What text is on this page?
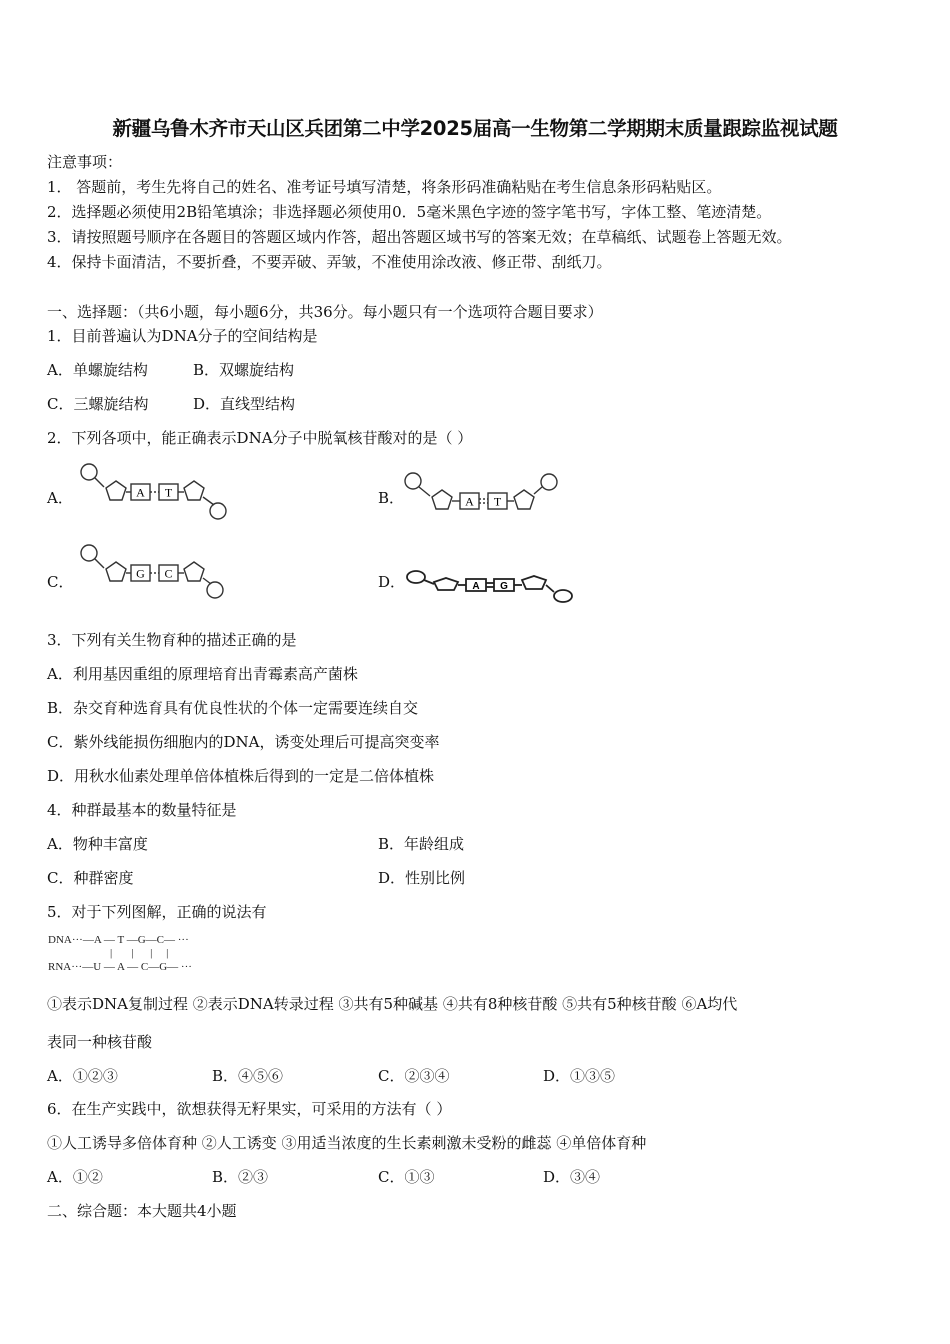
新疆乌鲁木齐市天山区兵团第二中学2025届高一生物第二学期期末质量跟踪监视试题
注意事项：
1． 答题前，考生先将自己的姓名、准考证号填写清楚，将条形码准确粘贴在考生信息条形码粘贴区。
2．选择题必须使用2B铅笔填涂；非选择题必须使用0．5毫米黑色字迹的签字笔书写，字体工整、笔迹清楚。
3．请按照题号顺序在各题目的答题区域内作答，超出答题区域书写的答案无效；在草稿纸、试题卷上答题无效。
4．保持卡面清洁，不要折叠，不要弄破、弄皱，不准使用涂改液、修正带、刮纸刀。
一、选择题：（共6小题，每小题6分，共36分。每小题只有一个选项符合题目要求）
1．目前普遍认为DNA分子的空间结构是
A．单螺旋结构	B．双螺旋结构
C．三螺旋结构	D．直线型结构
2．下列各项中，能正确表示DNA分子中脱氧核苷酸对的是（ ）
A．	A T	B．	A T
C．	G C	D．	A G
3．下列有关生物育种的描述正确的是
A．利用基因重组的原理培育出青霉素高产菌株
B．杂交育种选育具有优良性状的个体一定需要连续自交
C．紫外线能损伤细胞内的DNA，诱变处理后可提高突变率
D．用秋水仙素处理单倍体植株后得到的一定是二倍体植株
4．种群最基本的数量特征是
A．物种丰富度	B．年龄组成
C．种群密度	D．性别比例
5．对于下列图解，正确的说法有
DNA···—A — T —G—C— ···
|       |      |     |
RNA···—U — A — C—G— ···
①表示DNA复制过程 ②表示DNA转录过程 ③共有5种碱基 ④共有8种核苷酸 ⑤共有5种核苷酸 ⑥A均代
表同一种核苷酸
A．①②③	B．④⑤⑥	C．②③④	D．①③⑤
6．在生产实践中，欲想获得无籽果实，可采用的方法有（ ）
①人工诱导多倍体育种 ②人工诱变 ③用适当浓度的生长素刺激未受粉的雌蕊 ④单倍体育种
A．①②	B．②③	C．①③	D．③④
二、综合题：本大题共4小题
